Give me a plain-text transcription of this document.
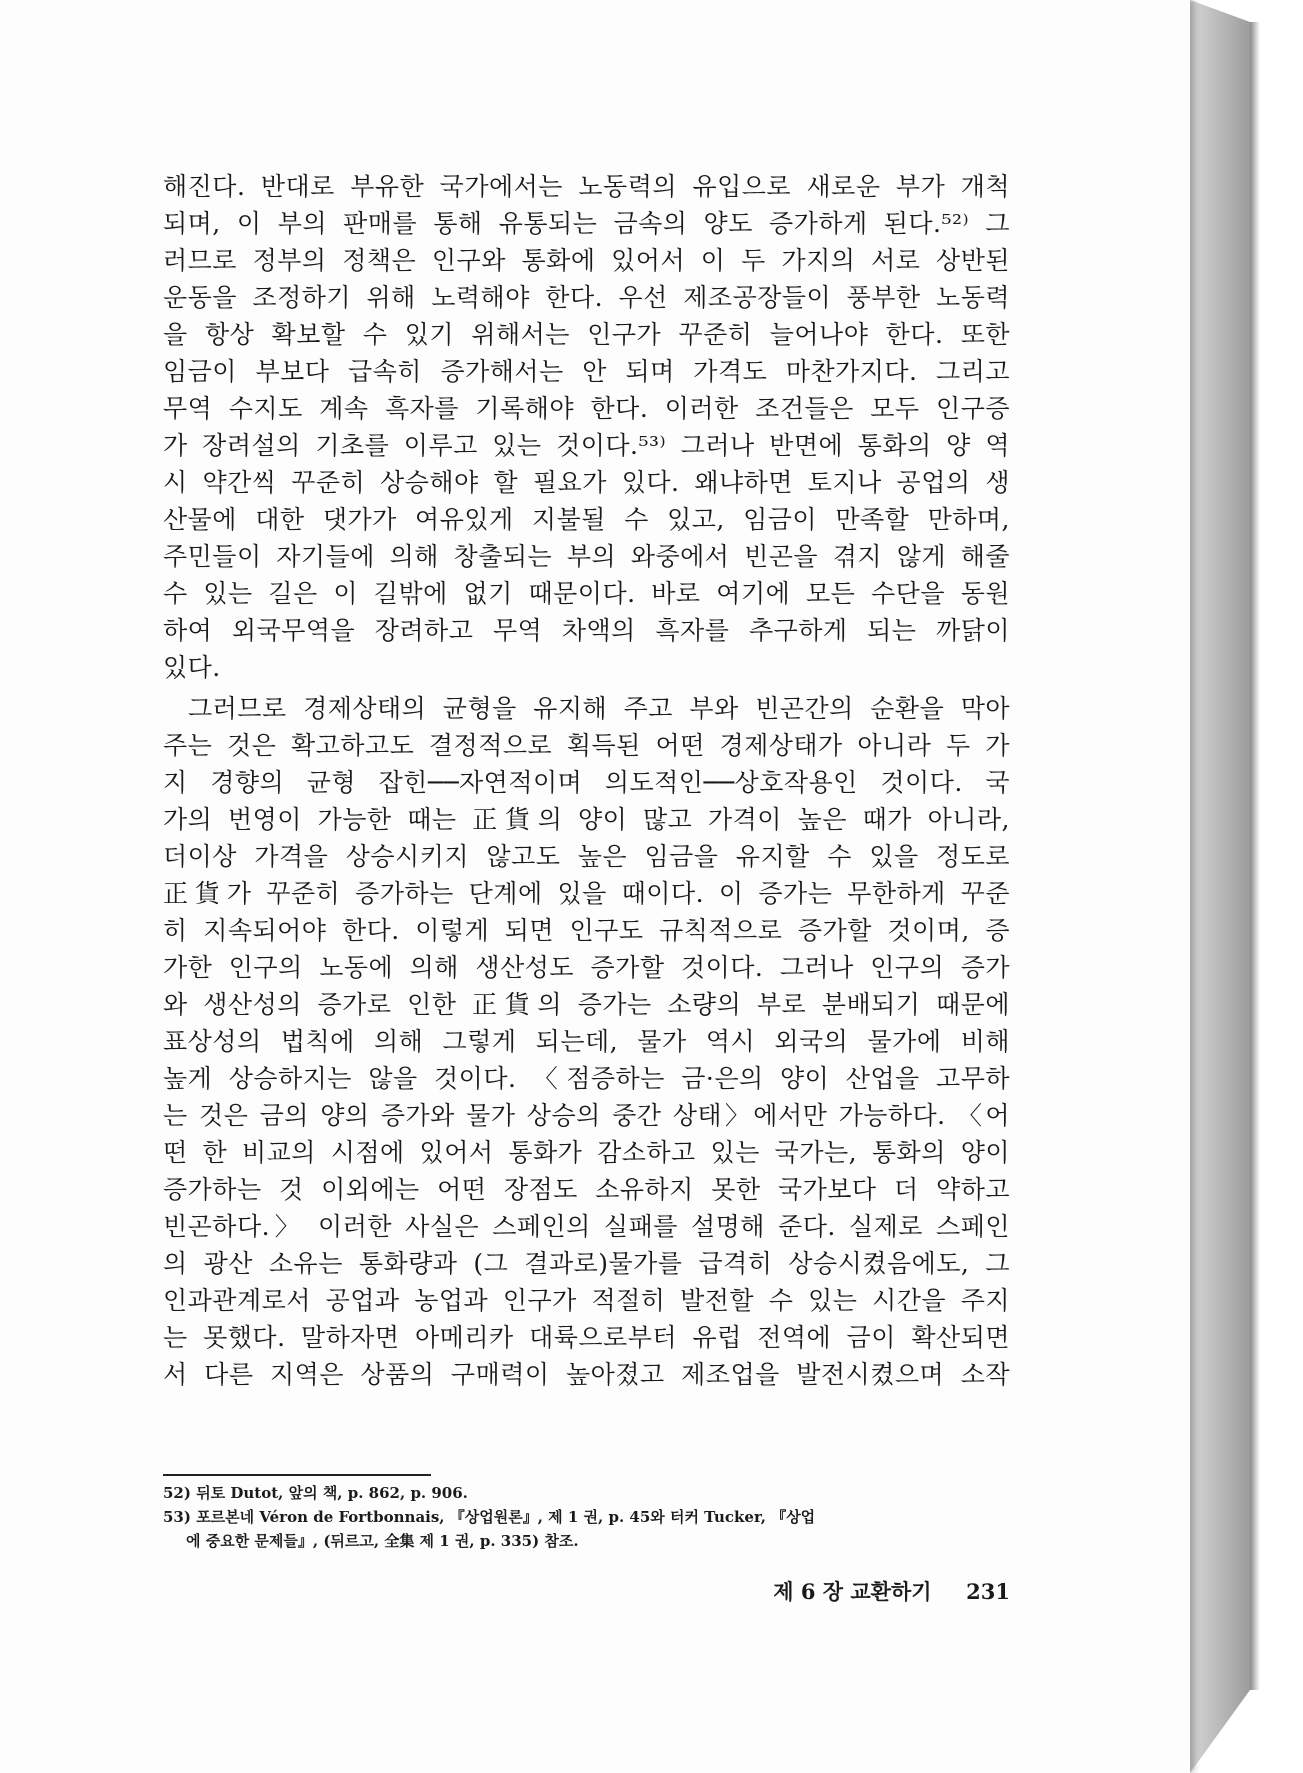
해진다. 반대로 부유한 국가에서는 노동력의 유입으로 새로운 부가 개척
되며, 이 부의 판매를 통해 유통되는 금속의 양도 증가하게 된다.⁵²⁾ 그
러므로 정부의 정책은 인구와 통화에 있어서 이 두 가지의 서로 상반된
운동을 조정하기 위해 노력해야 한다. 우선 제조공장들이 풍부한 노동력
을 항상 확보할 수 있기 위해서는 인구가 꾸준히 늘어나야 한다. 또한
임금이 부보다 급속히 증가해서는 안 되며 가격도 마찬가지다. 그리고
무역 수지도 계속 흑자를 기록해야 한다. 이러한 조건들은 모두 인구증
가 장려설의 기초를 이루고 있는 것이다.⁵³⁾ 그러나 반면에 통화의 양 역
시 약간씩 꾸준히 상승해야 할 필요가 있다. 왜냐하면 토지나 공업의 생
산물에 대한 댓가가 여유있게 지불될 수 있고, 임금이 만족할 만하며,
주민들이 자기들에 의해 창출되는 부의 와중에서 빈곤을 겪지 않게 해줄
수 있는 길은 이 길밖에 없기 때문이다. 바로 여기에 모든 수단을 동원
하여 외국무역을 장려하고 무역 차액의 흑자를 추구하게 되는 까닭이
있다.
그러므로 경제상태의 균형을 유지해 주고 부와 빈곤간의 순환을 막아
주는 것은 확고하고도 결정적으로 획득된 어떤 경제상태가 아니라 두 가
지 경향의 균형 잡힌──자연적이며 의도적인──상호작용인 것이다. 국
가의 번영이 가능한 때는 正貨의 양이 많고 가격이 높은 때가 아니라,
더이상 가격을 상승시키지 않고도 높은 임금을 유지할 수 있을 정도로
正貨가 꾸준히 증가하는 단계에 있을 때이다. 이 증가는 무한하게 꾸준
히 지속되어야 한다. 이렇게 되면 인구도 규칙적으로 증가할 것이며, 증
가한 인구의 노동에 의해 생산성도 증가할 것이다. 그러나 인구의 증가
와 생산성의 증가로 인한 正貨의 증가는 소량의 부로 분배되기 때문에
표상성의 법칙에 의해 그렇게 되는데, 물가 역시 외국의 물가에 비해
높게 상승하지는 않을 것이다. 〈점증하는 금·은의 양이 산업을 고무하
는 것은 금의 양의 증가와 물가 상승의 중간 상태〉에서만 가능하다. 〈어
떤 한 비교의 시점에 있어서 통화가 감소하고 있는 국가는, 통화의 양이
증가하는 것 이외에는 어떤 장점도 소유하지 못한 국가보다 더 약하고
빈곤하다.〉 이러한 사실은 스페인의 실패를 설명해 준다. 실제로 스페인
의 광산 소유는 통화량과 (그 결과로)물가를 급격히 상승시켰음에도, 그
인과관계로서 공업과 농업과 인구가 적절히 발전할 수 있는 시간을 주지
는 못했다. 말하자면 아메리카 대륙으로부터 유럽 전역에 금이 확산되면
서 다른 지역은 상품의 구매력이 높아졌고 제조업을 발전시켰으며 소작
52) 뒤토 Dutot, 앞의 책, p. 862, p. 906.
53) 포르본네 Véron de Fortbonnais, 『상업원론』, 제 1 권, p. 45와 터커 Tucker, 『상업
에 중요한 문제들』, (뒤르고, 全集 제 1 권, p. 335) 참조.
제 6 장 교환하기 231
